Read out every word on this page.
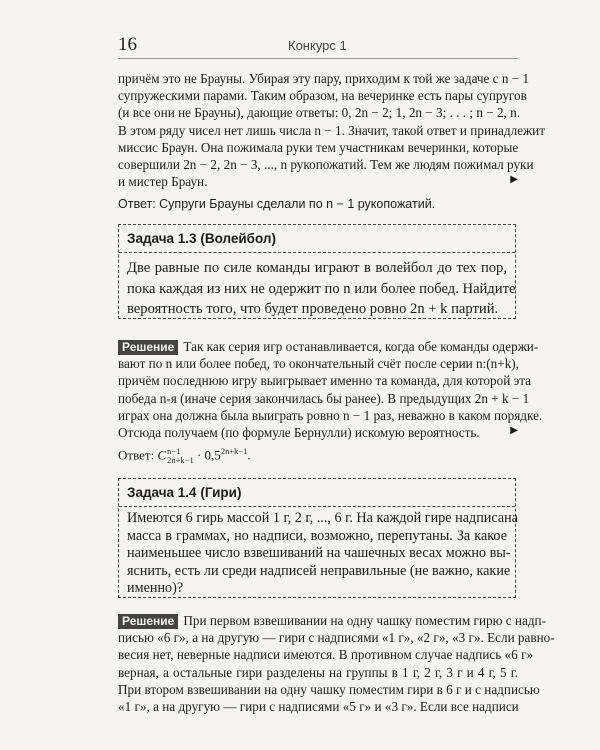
16	Конкурс 1
причём это не Брауны. Убирая эту пару, приходим к той же задаче с n − 1
супружескими парами. Таким образом, на вечеринке есть пары супругов
(и все они не Брауны), дающие ответы: 0, 2n − 2; 1, 2n − 3; . . . ; n − 2, n.
В этом ряду чисел нет лишь числа n − 1. Значит, такой ответ и принадлежит
миссис Браун. Она пожимала руки тем участникам вечеринки, которые
совершили 2n − 2, 2n − 3, ..., n рукопожатий. Тем же людям пожимал руки
и мистер Браун.	▶
Ответ: Супруги Брауны сделали по n − 1 рукопожатий.
Задача 1.3 (Волейбол)
Две равные по силе команды играют в волейбол до тех пор,
пока каждая из них не одержит по n или более побед. Найдите
вероятность того, что будет проведено ровно 2n + k партий.
Решение Так как серия игр останавливается, когда обе команды одержи-
вают по n или более побед, то окончательный счёт после серии n:(n+k),
причём последнюю игру выигрывает именно та команда, для которой эта
победа n-я (иначе серия закончилась бы ранее). В предыдущих 2n + k − 1
играх она должна была выиграть ровно n − 1 раз, неважно в каком порядке.
Отсюда получаем (по формуле Бернулли) искомую вероятность.	▶
Ответ: C n−1
$2n+k-1 \cdot 0,5^{2n+k-1}$.
Задача 1.4 (Гири)
Имеются 6 гирь массой 1 г, 2 г, ..., 6 г. На каждой гире надписана
масса в граммах, но надписи, возможно, перепутаны. За какое
наименьшее число взвешиваний на чашечных весах можно вы-
яснить, есть ли среди надписей неправильные (не важно, какие
именно)?
Решение При первом взвешивании на одну чашку поместим гирю с надп-
писью «6 г», а на другую — гири с надписями «1 г», «2 г», «3 г». Если равно-
весия нет, неверные надписи имеются. В противном случае надпись «6 г»
верная, а остальные гири разделены на группы в 1 г, 2 г, 3 г и 4 г, 5 г.
При втором взвешивании на одну чашку поместим гири в 6 г и с надписью
«1 г», а на другую — гири с надписями «5 г» и «3 г». Если все надписи
